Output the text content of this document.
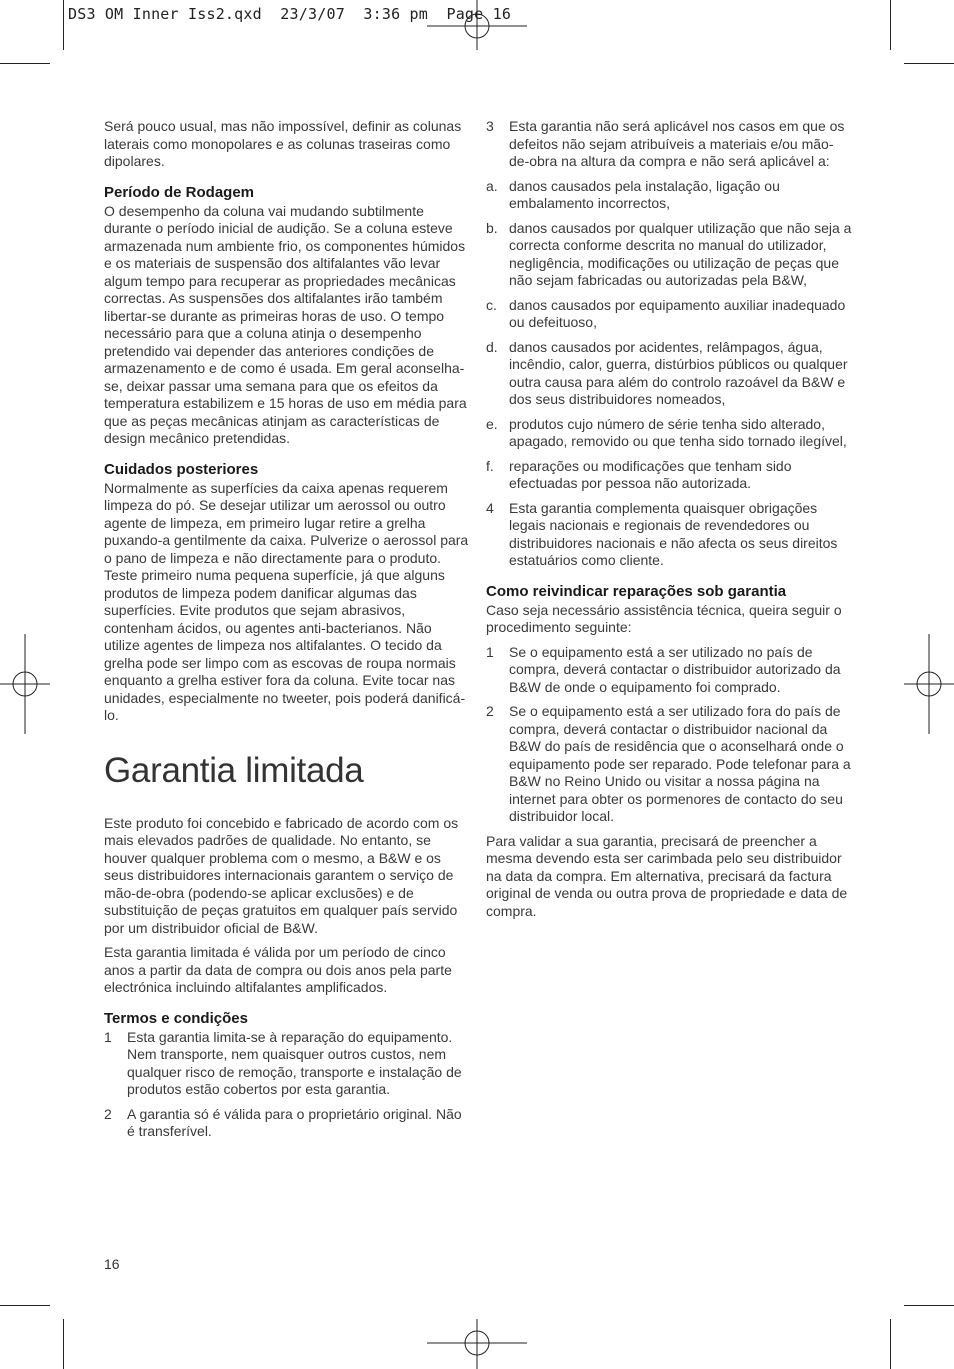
DS3 OM Inner Iss2.qxd  23/3/07  3:36 pm  Page 16

Será pouco usual, mas não impossível, definir as colunas laterais como monopolares e as colunas traseiras como dipolares.

Período de Rodagem

O desempenho da coluna vai mudando subtilmente durante o período inicial de audição. Se a coluna esteve armazenada num ambiente frio, os componentes húmidos e os materiais de suspensão dos altifalantes vão levar algum tempo para recuperar as propriedades mecânicas correctas. As suspensões dos altifalantes irão também libertar-se durante as primeiras horas de uso. O tempo necessário para que a coluna atinja o desempenho pretendido vai depender das anteriores condições de armazenamento e de como é usada. Em geral aconselha-se, deixar passar uma semana para que os efeitos da temperatura estabilizem e 15 horas de uso em média para que as peças mecânicas atinjam as características de design mecânico pretendidas.

Cuidados posteriores

Normalmente as superfícies da caixa apenas requerem limpeza do pó. Se desejar utilizar um aerossol ou outro agente de limpeza, em primeiro lugar retire a grelha puxando-a gentilmente da caixa. Pulverize o aerossol para o pano de limpeza e não directamente para o produto. Teste primeiro numa pequena superfície, já que alguns produtos de limpeza podem danificar algumas das superfícies. Evite produtos que sejam abrasivos, contenham ácidos, ou agentes anti-bacterianos. Não utilize agentes de limpeza nos altifalantes. O tecido da grelha pode ser limpo com as escovas de roupa normais enquanto a grelha estiver fora da coluna. Evite tocar nas unidades, especialmente no tweeter, pois poderá danificá-lo.

Garantia limitada

Este produto foi concebido e fabricado de acordo com os mais elevados padrões de qualidade. No entanto, se houver qualquer problema com o mesmo, a B&W e os seus distribuidores internacionais garantem o serviço de mão-de-obra (podendo-se aplicar exclusões) e de substituição de peças gratuitos em qualquer país servido por um distribuidor oficial de B&W.

Esta garantia limitada é válida por um período de cinco anos a partir da data de compra ou dois anos pela parte electrónica incluindo altifalantes amplificados.

Termos e condições
1	Esta garantia limita-se à reparação do equipamento. Nem transporte, nem quaisquer outros custos, nem qualquer risco de remoção, transporte e instalação de produtos estão cobertos por esta garantia.
2	A garantia só é válida para o proprietário original. Não é transferível.
3	Esta garantia não será aplicável nos casos em que os defeitos não sejam atribuíveis a materiais e/ou mão-de-obra na altura da compra e não será aplicável a:
a. danos causados pela instalação, ligação ou embalamento incorrectos,
b. danos causados por qualquer utilização que não seja a correcta conforme descrita no manual do utilizador, negligência, modificações ou utilização de peças que não sejam fabricadas ou autorizadas pela B&W,
c. danos causados por equipamento auxiliar inadequado ou defeituoso,
d. danos causados por acidentes, relâmpagos, água, incêndio, calor, guerra, distúrbios públicos ou qualquer outra causa para além do controlo razoável da B&W e dos seus distribuidores nomeados,
e. produtos cujo número de série tenha sido alterado, apagado, removido ou que tenha sido tornado ilegível,
f.	reparações ou modificações que tenham sido efectuadas por pessoa não autorizada.
4	Esta garantia complementa quaisquer obrigações legais nacionais e regionais de revendedores ou distribuidores nacionais e não afecta os seus direitos estatuários como cliente.
Como reivindicar reparações sob garantia

Caso seja necessário assistência técnica, queira seguir o procedimento seguinte:

1	Se o equipamento está a ser utilizado no país de compra, deverá contactar o distribuidor autorizado da B&W de onde o equipamento foi comprado.
2	Se o equipamento está a ser utilizado fora do país de compra, deverá contactar o distribuidor nacional da B&W do país de residência que o aconselhará onde o equipamento pode ser reparado. Pode telefonar para a B&W no Reino Unido ou visitar a nossa página na internet para obter os pormenores de contacto do seu distribuidor local.

Para validar a sua garantia, precisará de preencher a mesma devendo esta ser carimbada pelo seu distribuidor na data da compra. Em alternativa, precisará da factura original de venda ou outra prova de propriedade e data de compra.

16
